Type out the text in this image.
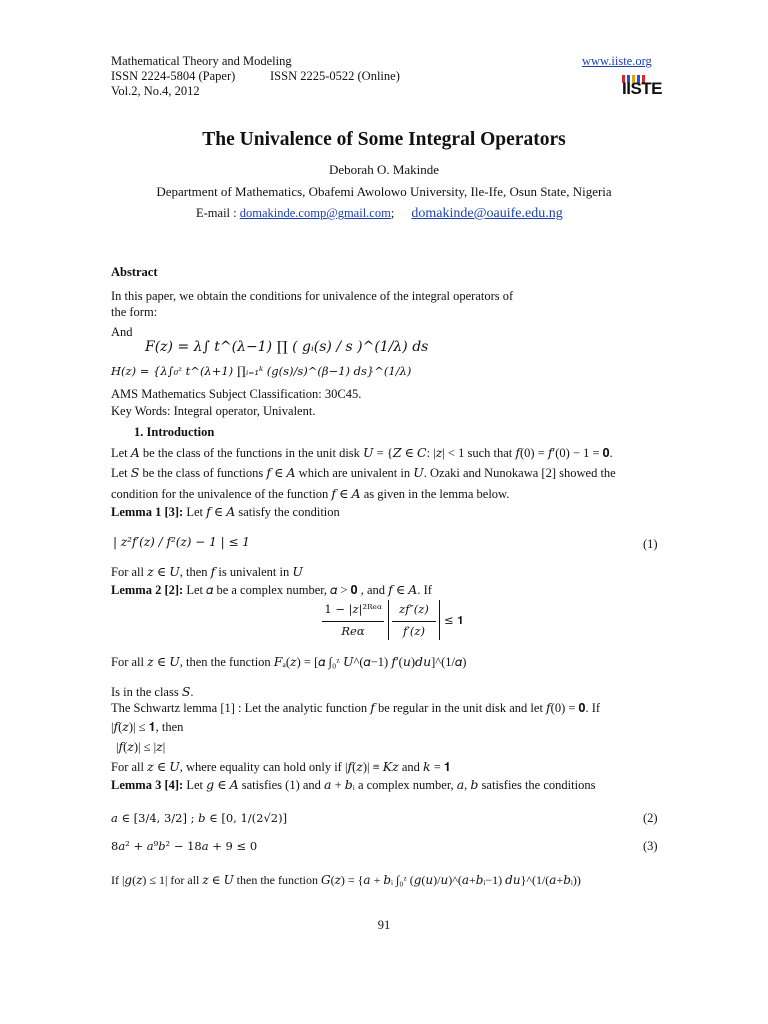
Mathematical Theory and Modeling
ISSN 2224-5804 (Paper)	ISSN 2225-0522 (Online)
Vol.2, No.4, 2012
www.iiste.org
IISTE
The Univalence of Some Integral Operators
Deborah O. Makinde
Department of Mathematics, Obafemi Awolowo University, Ile-Ife, Osun State, Nigeria
E-mail : domakinde.comp@gmail.com; domakinde@oauife.edu.ng
Abstract
In this paper, we obtain the conditions for univalence of the integral operators of
the form:
And
F(z) = λ∫ t^(λ−1) ∏ ( gᵢ(s) / s )^(1/λ) ds
H(z) = {λ∫₀ᶻ t^(λ+1) ∏ᵢ₌₁ᵏ (g(s)/s)^(β−1) ds}^(1/λ)
AMS Mathematics Subject Classification: 30C45.
Key Words: Integral operator, Univalent.
1. Introduction
Let 𝐴 be the class of the functions in the unit disk 𝑈 = {𝑍 ∈ 𝐶: |𝑧| < 1 such that 𝑓(0) = 𝑓′(0) − 1 = 𝟎.
Let 𝑆 be the class of functions 𝑓 ∈ 𝐴 which are univalent in 𝑈. Ozaki and Nunokawa [2] showed the
condition for the univalence of the function 𝑓 ∈ 𝐴 as given in the lemma below.
Lemma 1 [3]: Let 𝑓 ∈ 𝐴 satisfy the condition
| z²f′(z) / f²(z) − 1 | ≤ 1	(1)
For all 𝑧 ∈ 𝑈, then 𝑓 is univalent in 𝑈
Lemma 2 [2]: Let 𝛼 be a complex number, 𝛼 > 𝟎 , and 𝑓 ∈ 𝐴. If
1 − |𝑧|²ᴿᵉᵅ
𝑅𝑒𝛼
𝑧𝑓″(𝑧)
𝑓′(𝑧)
≤ 𝟏
For all 𝑧 ∈ 𝑈, then the function 𝐹ₐ(𝑧) = [𝛼 ∫₀ᶻ 𝑈^(𝛼−1) 𝑓′(𝑢)𝑑𝑢]^(1/𝛼)
Is in the class 𝑆.
The Schwartz lemma [1] : Let the analytic function 𝑓 be regular in the unit disk and let 𝑓(0) = 𝟎. If
|𝑓(𝑧)| ≤ 𝟏, then
|𝑓(𝑧)| ≤ |𝑧|
For all 𝑧 ∈ 𝑈, where equality can hold only if |𝑓(𝑧)| ≡ 𝐾𝑧 and 𝑘 = 𝟏
Lemma 3 [4]: Let 𝑔 ∈ 𝐴 satisfies (1) and 𝑎 + 𝑏ᵢ a complex number, 𝑎, 𝑏 satisfies the conditions
𝑎 ∈ [3/4, 3/2] ; 𝑏 ∈ [0, 1/(2√2)]	(2)
8𝑎² + 𝑎⁹𝑏² − 18𝑎 + 9 ≤ 0	(3)
If |𝑔(𝑧) ≤ 1| for all 𝑧 ∈ 𝑈 then the function 𝐺(𝑧) = {𝑎 + 𝑏ᵢ ∫₀ᶻ (𝑔(𝑢)/𝑢)^(𝑎+𝑏ᵢ−1) 𝑑𝑢}^(1/(𝑎+𝑏ᵢ))
91
